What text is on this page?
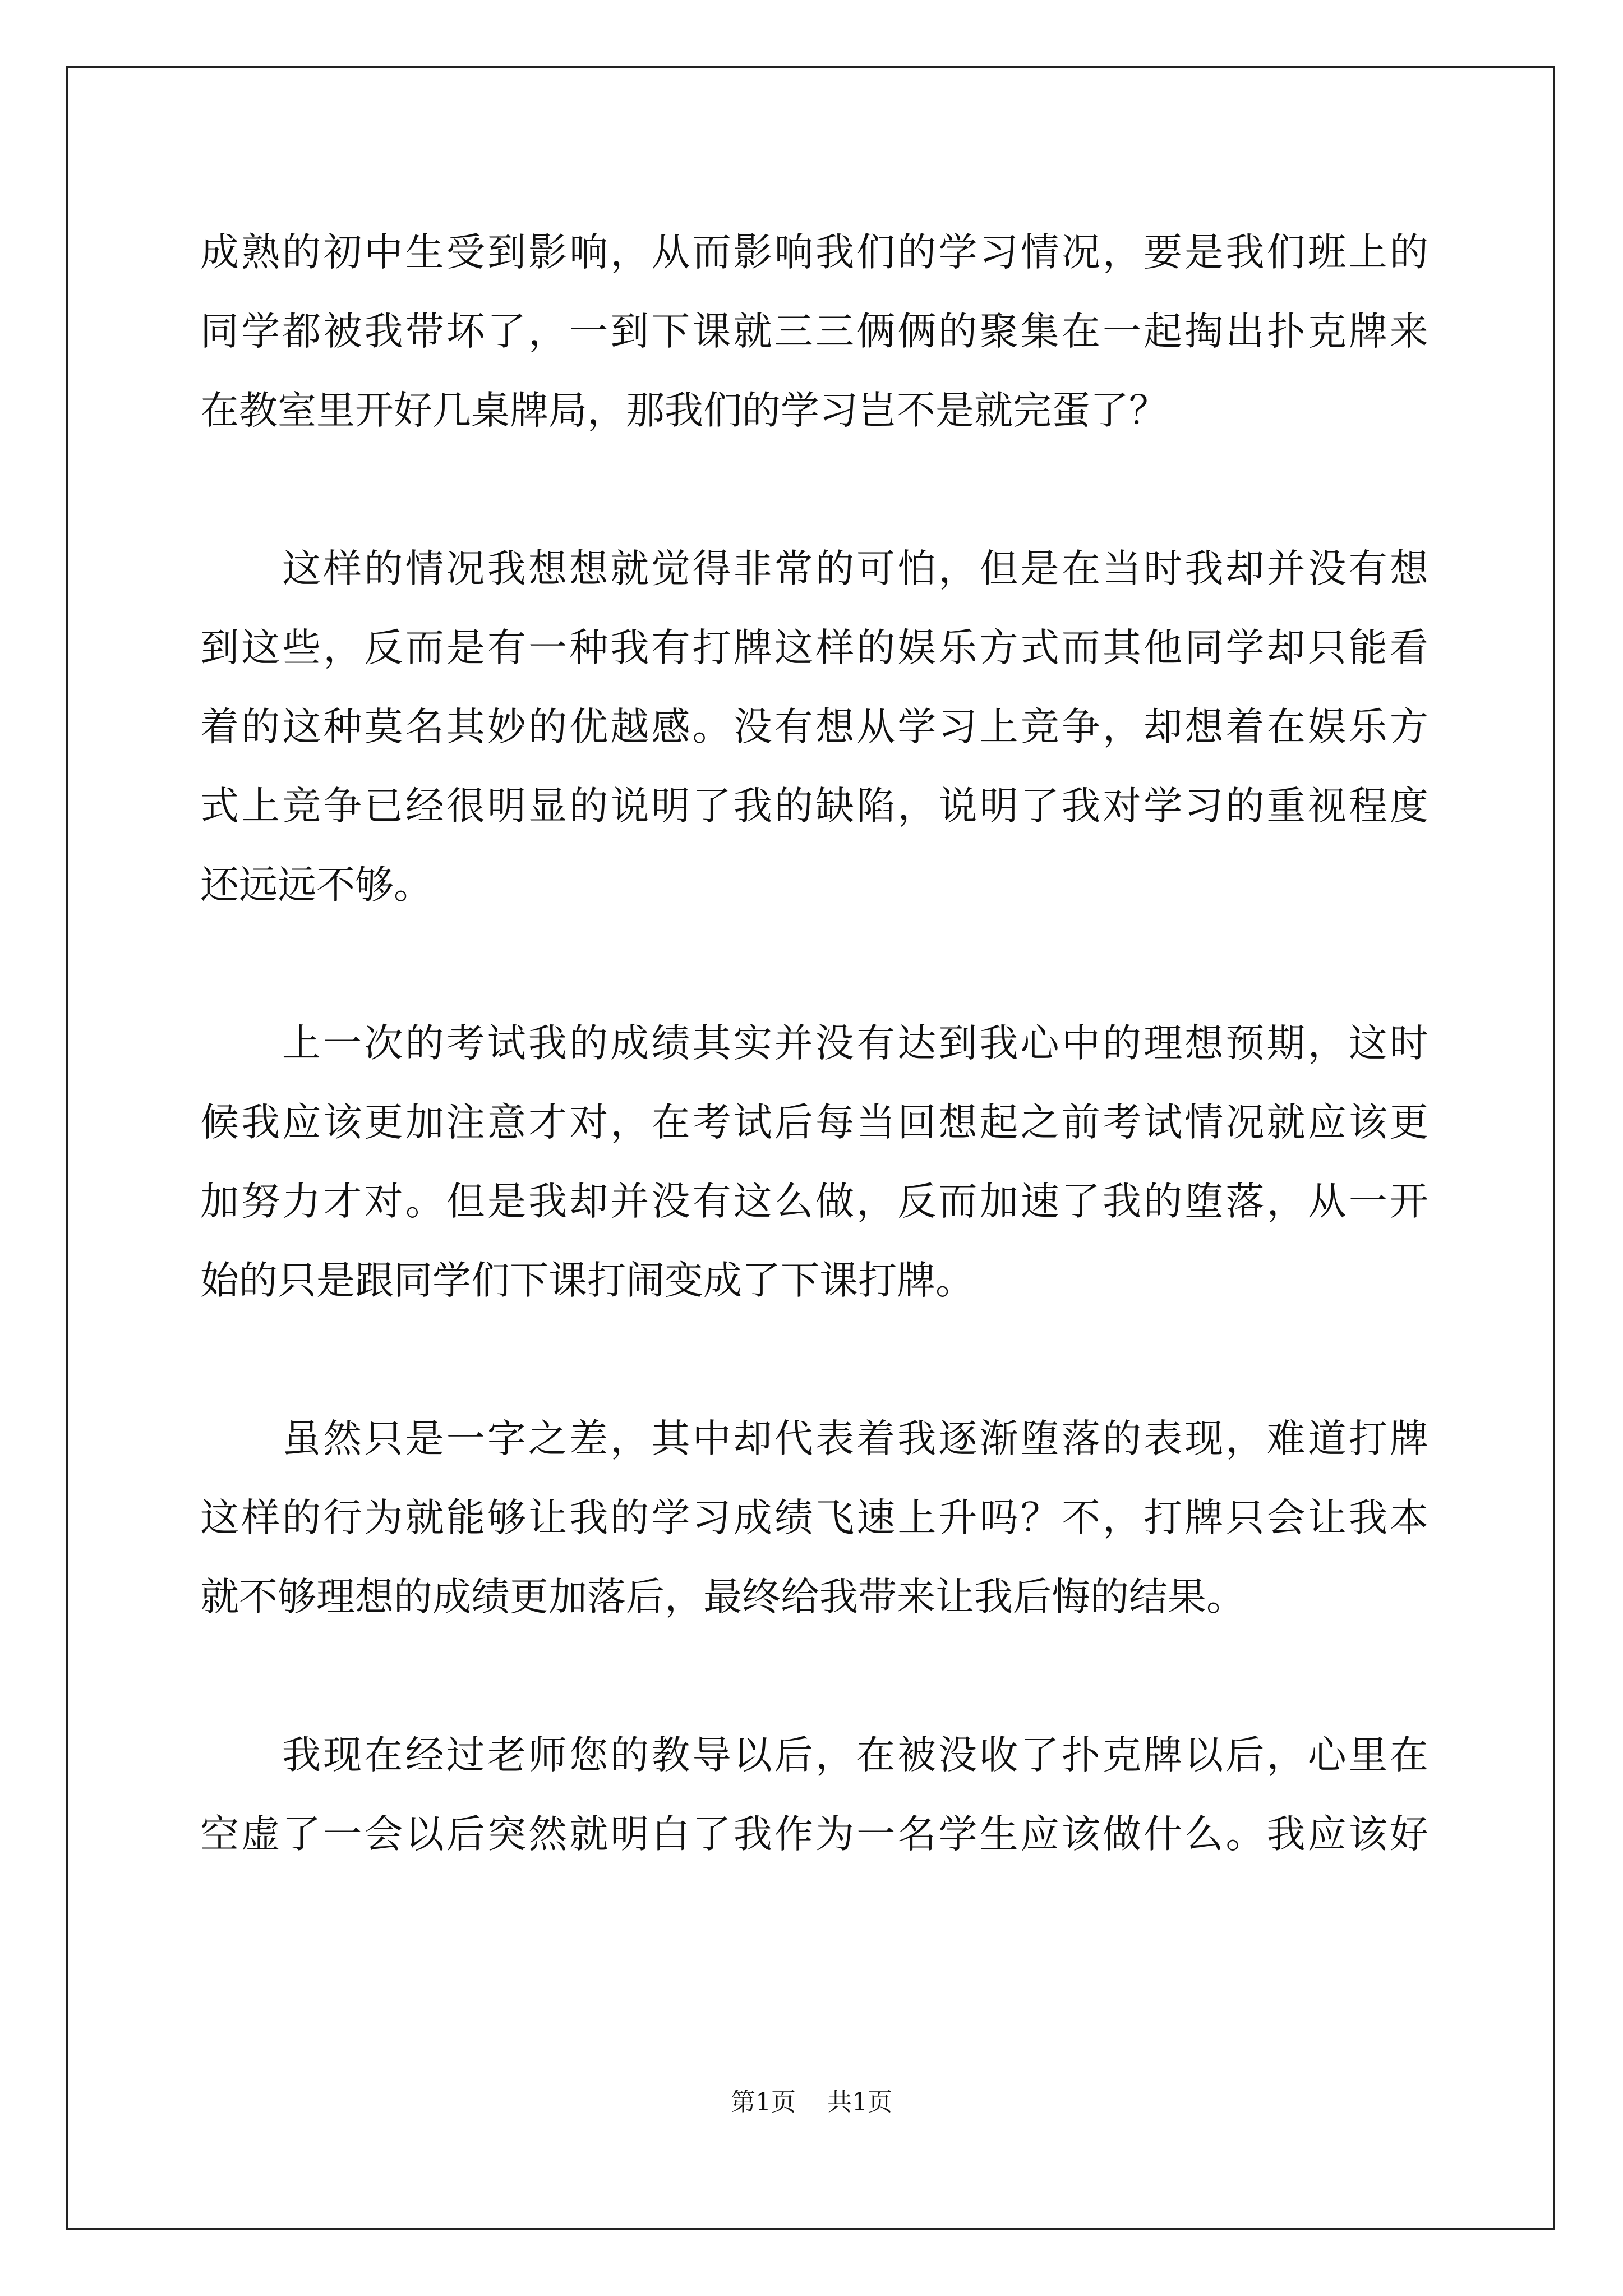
成熟的初中生受到影响，从而影响我们的学习情况，要是我们班上的
同学都被我带坏了，一到下课就三三俩俩的聚集在一起掏出扑克牌来
在教室里开好几桌牌局，那我们的学习岂不是就完蛋了？
这样的情况我想想就觉得非常的可怕，但是在当时我却并没有想
到这些，反而是有一种我有打牌这样的娱乐方式而其他同学却只能看
着的这种莫名其妙的优越感。没有想从学习上竞争，却想着在娱乐方
式上竞争已经很明显的说明了我的缺陷，说明了我对学习的重视程度
还远远不够。
上一次的考试我的成绩其实并没有达到我心中的理想预期，这时
候我应该更加注意才对，在考试后每当回想起之前考试情况就应该更
加努力才对。但是我却并没有这么做，反而加速了我的堕落，从一开
始的只是跟同学们下课打闹变成了下课打牌。
虽然只是一字之差，其中却代表着我逐渐堕落的表现，难道打牌
这样的行为就能够让我的学习成绩飞速上升吗？不，打牌只会让我本
就不够理想的成绩更加落后，最终给我带来让我后悔的结果。
我现在经过老师您的教导以后，在被没收了扑克牌以后，心里在
空虚了一会以后突然就明白了我作为一名学生应该做什么。我应该好
第1页 共1页
